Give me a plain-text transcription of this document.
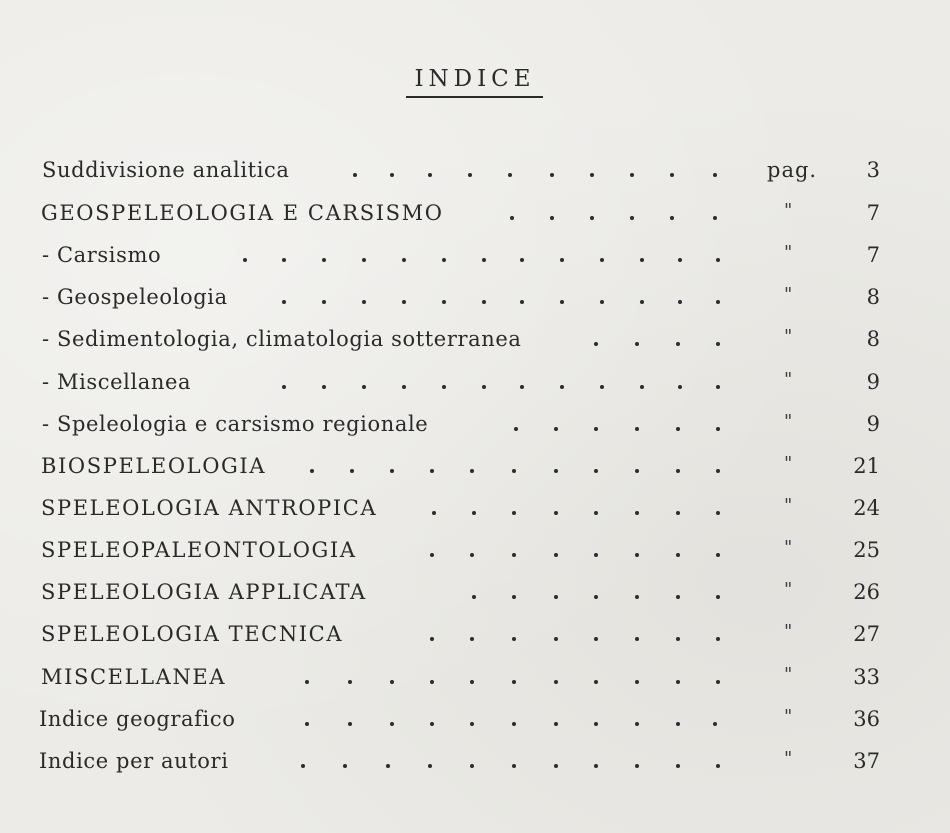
INDICE
Suddivisione analitica	pag. 3
GEOSPELEOLOGIA E CARSISMO	"	7
- Carsismo	"	7
- Geospeleologia	"	8
- Sedimentologia, climatologia sotterranea	"	8
- Miscellanea	"	9
- Speleologia e carsismo regionale	"	9
BIOSPELEOLOGIA	"	21
SPELEOLOGIA ANTROPICA	"	24
SPELEOPALEONTOLOGIA	"	25
SPELEOLOGIA APPLICATA	"	26
SPELEOLOGIA TECNICA	"	27
MISCELLANEA	"	33
Indice geografico	"	36
Indice per autori	"	37
